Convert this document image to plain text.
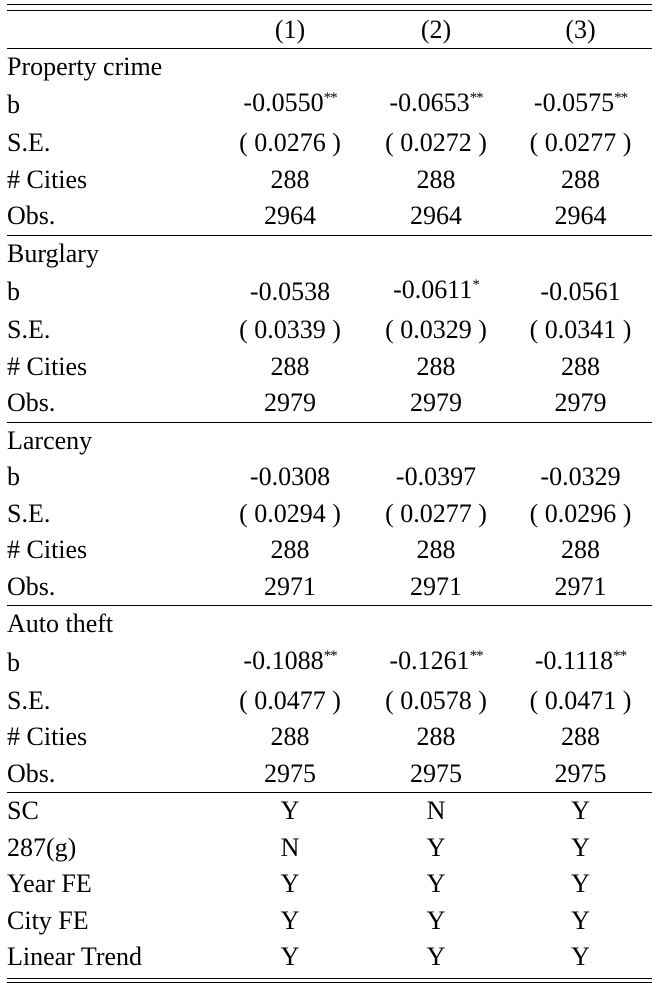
	(1)	(2)	(3)
Property crime			
b	-0.0550**	-0.0653**	-0.0575**
S.E.	( 0.0276 )	( 0.0272 )	( 0.0277 )
# Cities	288	288	288
Obs.	2964	2964	2964
Burglary			
b	-0.0538	-0.0611*	-0.0561
S.E.	( 0.0339 )	( 0.0329 )	( 0.0341 )
# Cities	288	288	288
Obs.	2979	2979	2979
Larceny			
b	-0.0308	-0.0397	-0.0329
S.E.	( 0.0294 )	( 0.0277 )	( 0.0296 )
# Cities	288	288	288
Obs.	2971	2971	2971
Auto theft			
b	-0.1088**	-0.1261**	-0.1118**
S.E.	( 0.0477 )	( 0.0578 )	( 0.0471 )
# Cities	288	288	288
Obs.	2975	2975	2975
SC	Y	N	Y
287(g)	N	Y	Y
Year FE	Y	Y	Y
City FE	Y	Y	Y
Linear Trend	Y	Y	Y
